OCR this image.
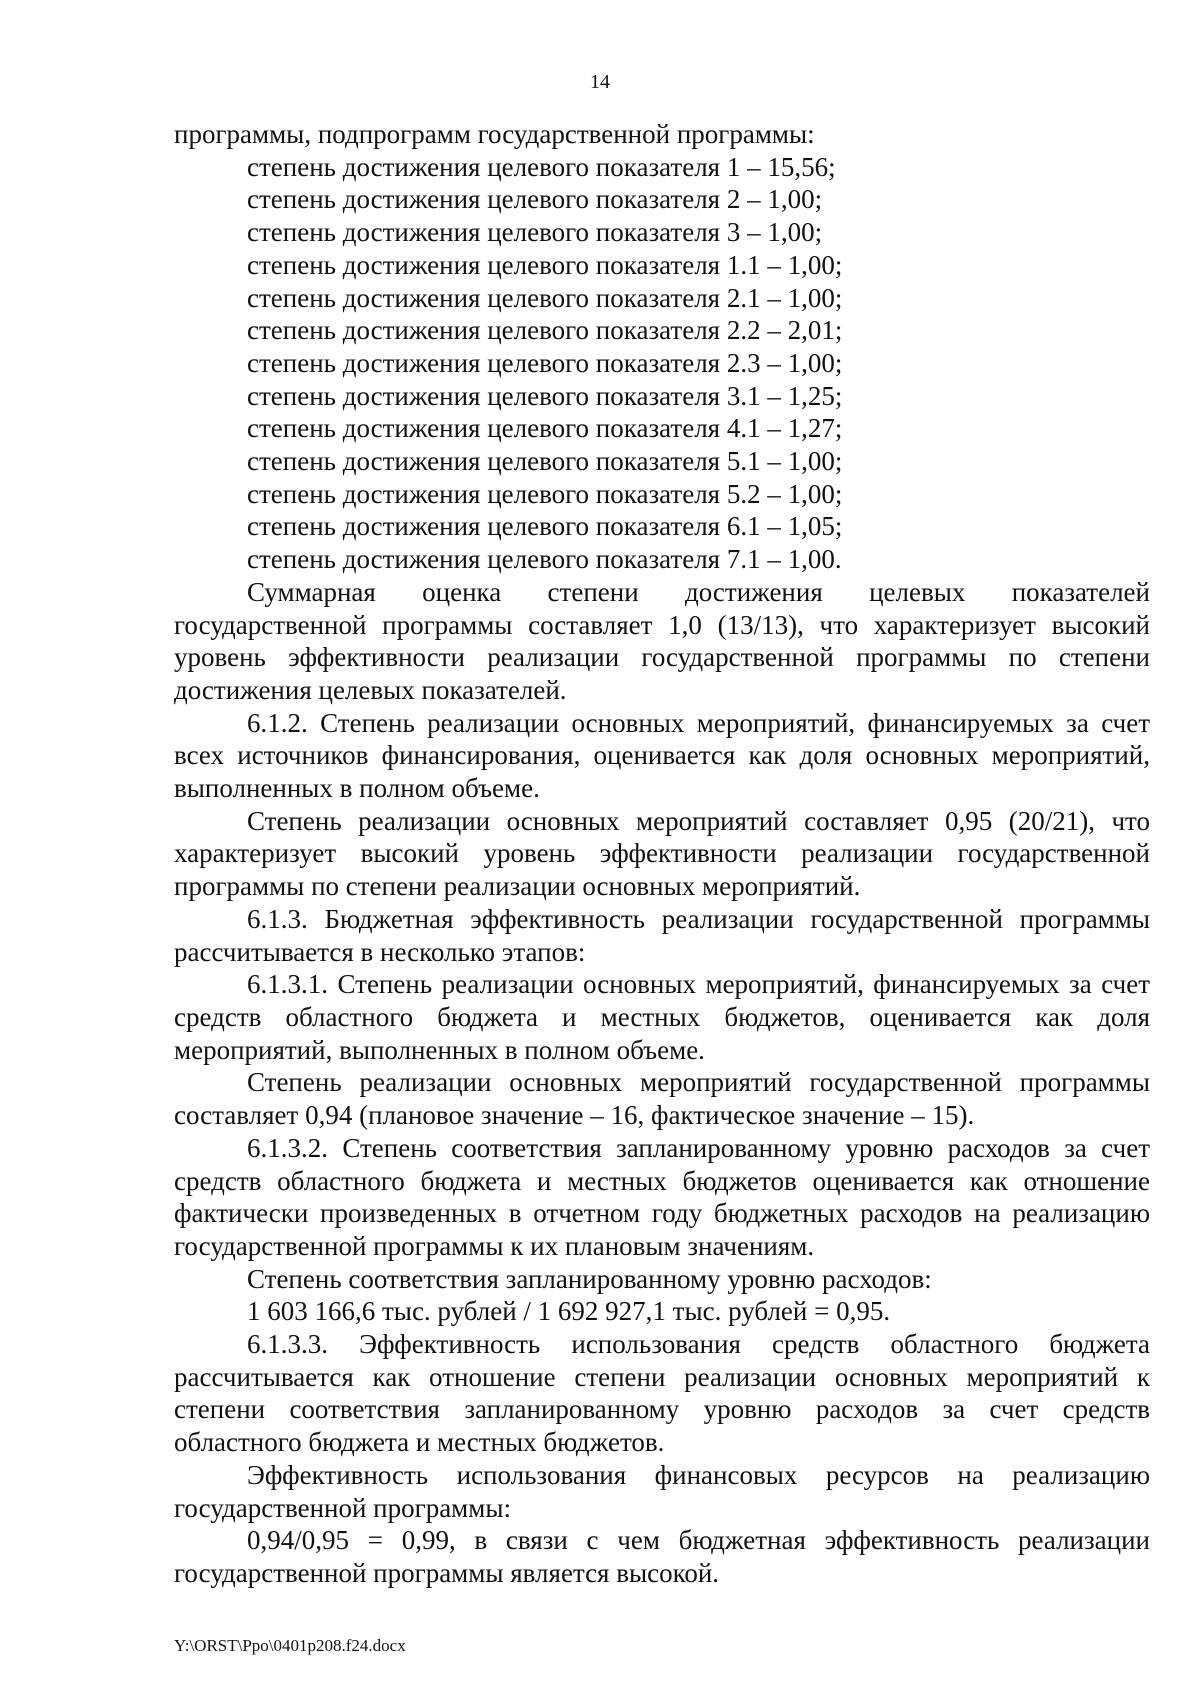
14

программы, подпрограмм государственной программы:

степень достижения целевого показателя 1 – 15,56;

степень достижения целевого показателя 2 – 1,00;

степень достижения целевого показателя 3 – 1,00;

степень достижения целевого показателя 1.1 – 1,00;

степень достижения целевого показателя 2.1 – 1,00;

степень достижения целевого показателя 2.2 – 2,01;

степень достижения целевого показателя 2.3 – 1,00;

степень достижения целевого показателя 3.1 – 1,25;

степень достижения целевого показателя 4.1 – 1,27;

степень достижения целевого показателя 5.1 – 1,00;

степень достижения целевого показателя 5.2 – 1,00;

степень достижения целевого показателя 6.1 – 1,05;

степень достижения целевого показателя 7.1 – 1,00.

Суммарная оценка степени достижения целевых показателей государственной программы составляет 1,0 (13/13), что характеризует высокий уровень эффективности реализации государственной программы по степени достижения целевых показателей.

6.1.2. Степень реализации основных мероприятий, финансируемых за счет всех источников финансирования, оценивается как доля основных мероприятий, выполненных в полном объеме.

Степень реализации основных мероприятий составляет 0,95 (20/21), что характеризует высокий уровень эффективности реализации государственной программы по степени реализации основных мероприятий.

6.1.3. Бюджетная эффективность реализации государственной программы рассчитывается в несколько этапов:

6.1.3.1. Степень реализации основных мероприятий, финансируемых за счет средств областного бюджета и местных бюджетов, оценивается как доля мероприятий, выполненных в полном объеме.

Степень реализации основных мероприятий государственной программы составляет 0,94 (плановое значение – 16, фактическое значение – 15).

6.1.3.2. Степень соответствия запланированному уровню расходов за счет средств областного бюджета и местных бюджетов оценивается как отношение фактически произведенных в отчетном году бюджетных расходов на реализацию государственной программы к их плановым значениям.

Степень соответствия запланированному уровню расходов:

1 603 166,6 тыс. рублей / 1 692 927,1 тыс. рублей = 0,95.

6.1.3.3. Эффективность использования средств областного бюджета рассчитывается как отношение степени реализации основных мероприятий к степени соответствия запланированному уровню расходов за счет средств областного бюджета и местных бюджетов.

Эффективность использования финансовых ресурсов на реализацию государственной программы:

0,94/0,95 = 0,99, в связи с чем бюджетная эффективность реализации государственной программы является высокой.

Y:\ORST\Ppo\0401p208.f24.docx
